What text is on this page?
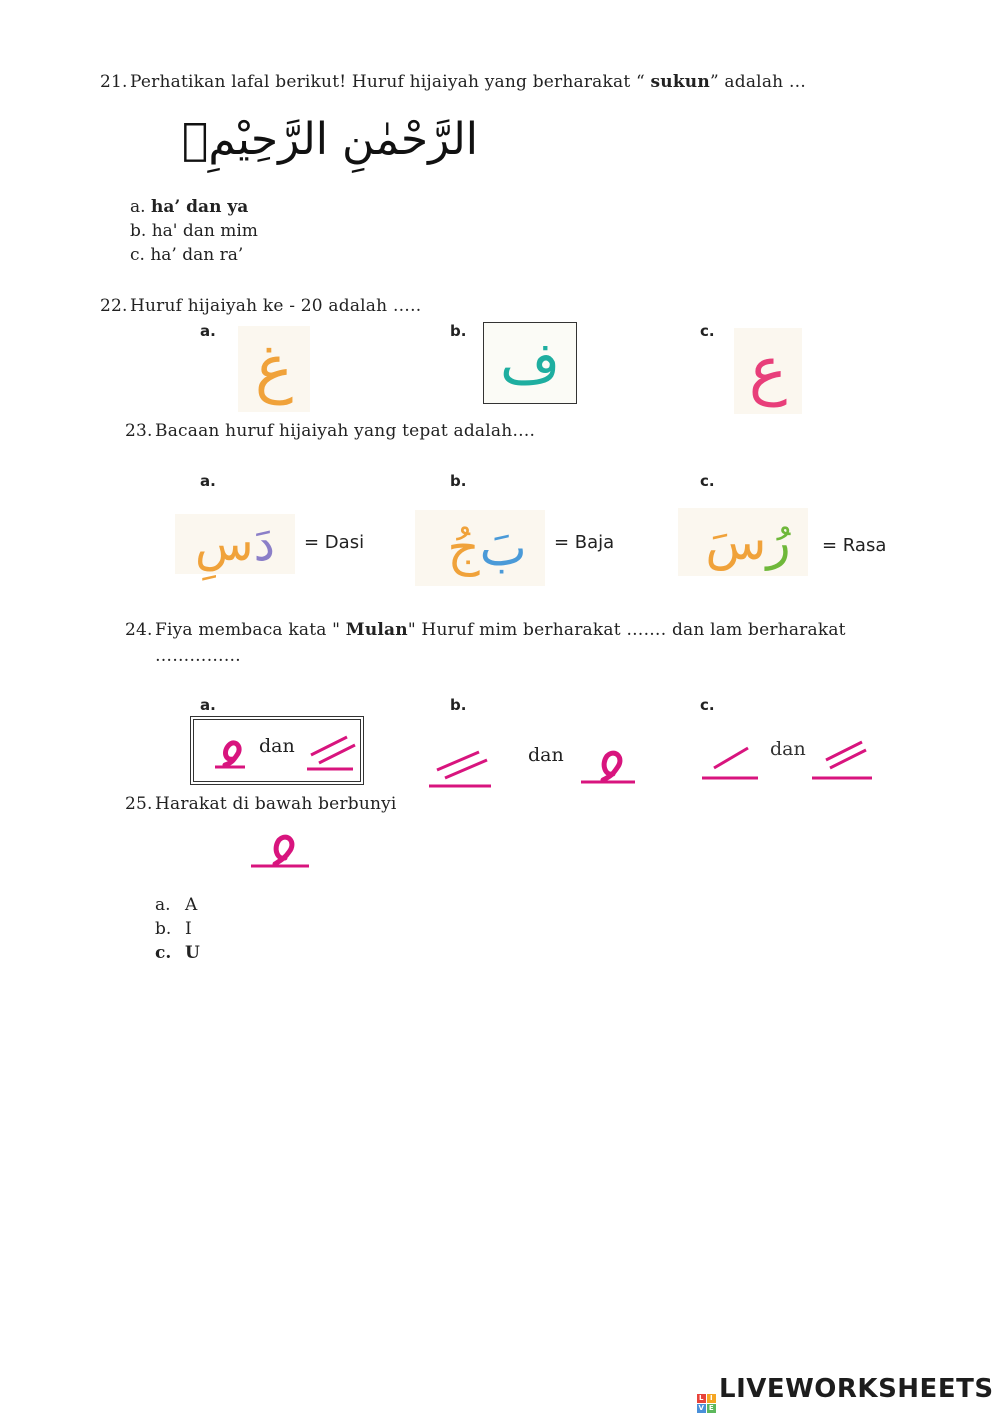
21. Perhatikan lafal berikut! Huruf hijaiyah yang berharakat “ sukun” adalah …
الرَّحْمٰنِ الرَّحِيْمِۙ
a. ha’ dan ya
b. ha' dan mim
c. ha’ dan ra’
22. Huruf hijaiyah ke - 20 adalah …..
a.
غ
b. ف	c.
ع
23. Bacaan huruf hijaiyah yang tepat adalah….
a.
دَ
سِ	= Dasi
b.
بَ
جُ	= Baja
c.
رُ
سَ	= Rasa
24. Fiya membaca kata " Mulan" Huruf mim berharakat ……. dan lam berharakat
……………
a.
dan
b.
dan
c.
dan
25. Harakat di bawah berbunyi
a. A
b. I
c. U
L I
V E
LIVEWORKSHEETS
